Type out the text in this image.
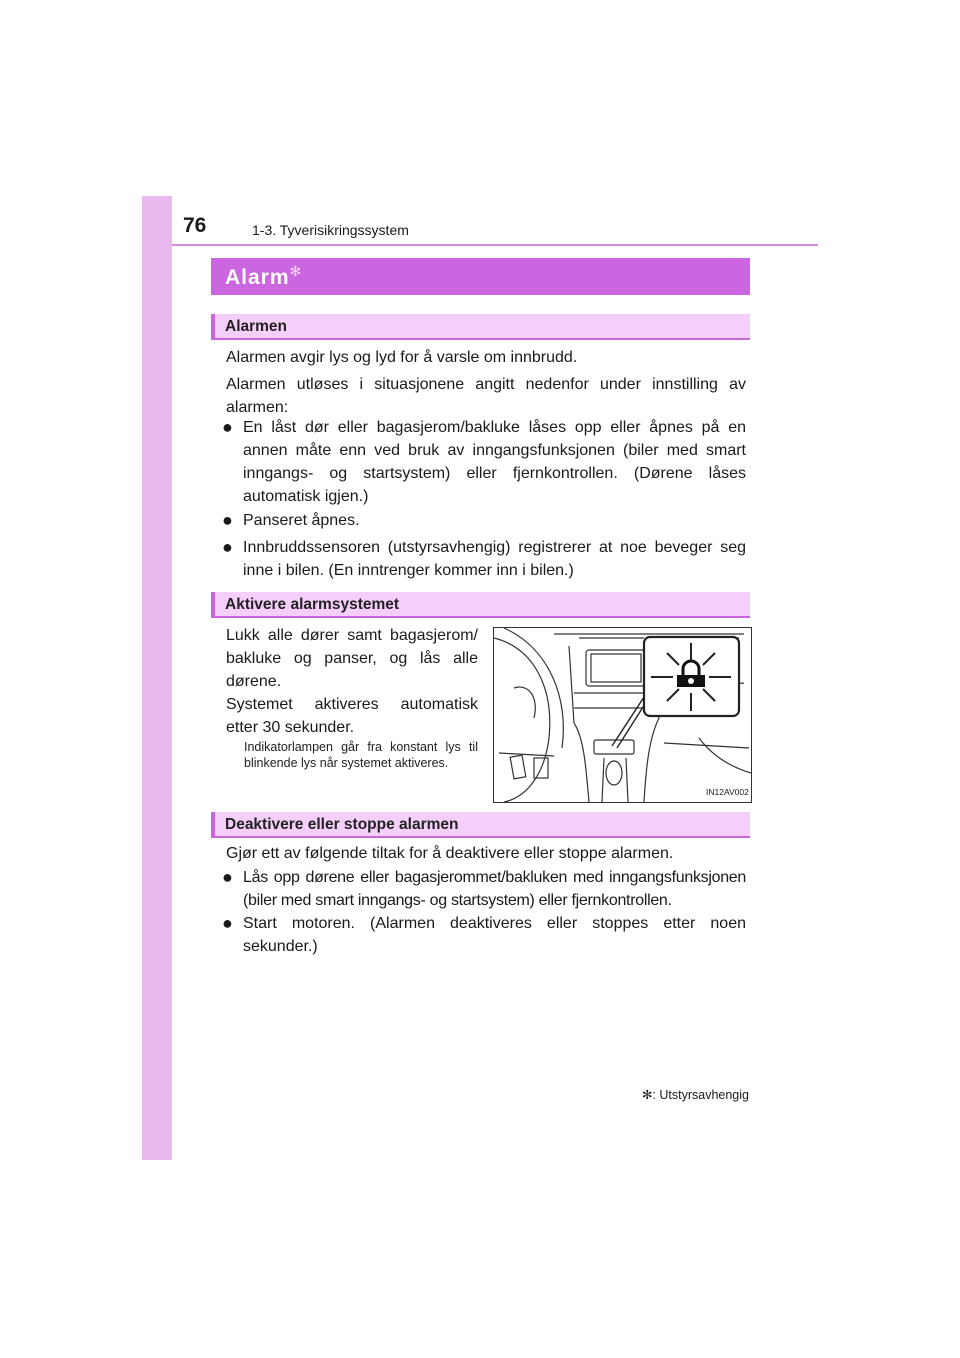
76	1-3. Tyverisikringssystem
Alarm✻
Alarmen
Alarmen avgir lys og lyd for å varsle om innbrudd.
Alarmen utløses i situasjonene angitt nedenfor under innstilling av alarmen:
● En låst dør eller bagasjerom/bakluke låses opp eller åpnes på en annen måte enn ved bruk av inngangsfunksjonen (biler med smart inngangs- og startsystem) eller fjernkontrollen. (Dørene låses automatisk igjen.)
● Panseret åpnes.
● Innbruddssensoren (utstyrsavhengig) registrerer at noe beveger seg inne i bilen. (En inntrenger kommer inn i bilen.)
Aktivere alarmsystemet
Lukk alle dører samt bagasjerom/ bakluke og panser, og lås alle dørene.
Systemet aktiveres automatisk etter 30 sekunder.
Indikatorlampen går fra konstant lys til blinkende lys når systemet aktiveres.
IN12AV002
Deaktivere eller stoppe alarmen
Gjør ett av følgende tiltak for å deaktivere eller stoppe alarmen.
● Lås opp dørene eller bagasjerommet/bakluken med inngangsfunksjonen (biler med smart inngangs- og startsystem) eller fjernkontrollen.
● Start motoren. (Alarmen deaktiveres eller stoppes etter noen sekunder.)
✻: Utstyrsavhengig
